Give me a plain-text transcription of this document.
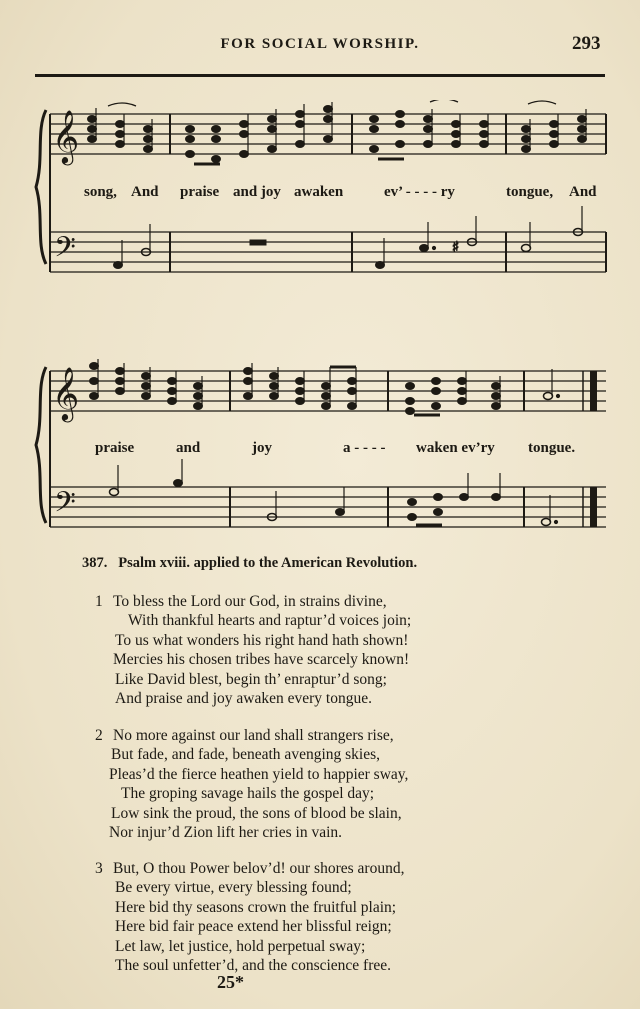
FOR SOCIAL WORSHIP.	293
𝄞
𝄢	♯
song, And praise and joy awaken	ev’ - - - - ry	tongue, And
𝄞
𝄢
praise	and	joy	a - - - - waken ev’ry tongue.
387. Psalm xviii. applied to the American Revolution.
1 To bless the Lord our God, in strains divine,
With thankful hearts and raptur’d voices join;
To us what wonders his right hand hath shown!
Mercies his chosen tribes have scarcely known!
Like David blest, begin th’ enraptur’d song;
And praise and joy awaken every tongue.
2 No more against our land shall strangers rise,
But fade, and fade, beneath avenging skies,
Pleas’d the fierce heathen yield to happier sway,
The groping savage hails the gospel day;
Low sink the proud, the sons of blood be slain,
Nor injur’d Zion lift her cries in vain.
3 But, O thou Power belov’d! our shores around,
Be every virtue, every blessing found;
Here bid thy seasons crown the fruitful plain;
Here bid fair peace extend her blissful reign;
Let law, let justice, hold perpetual sway;
The soul unfetter’d, and the conscience free.
25*
